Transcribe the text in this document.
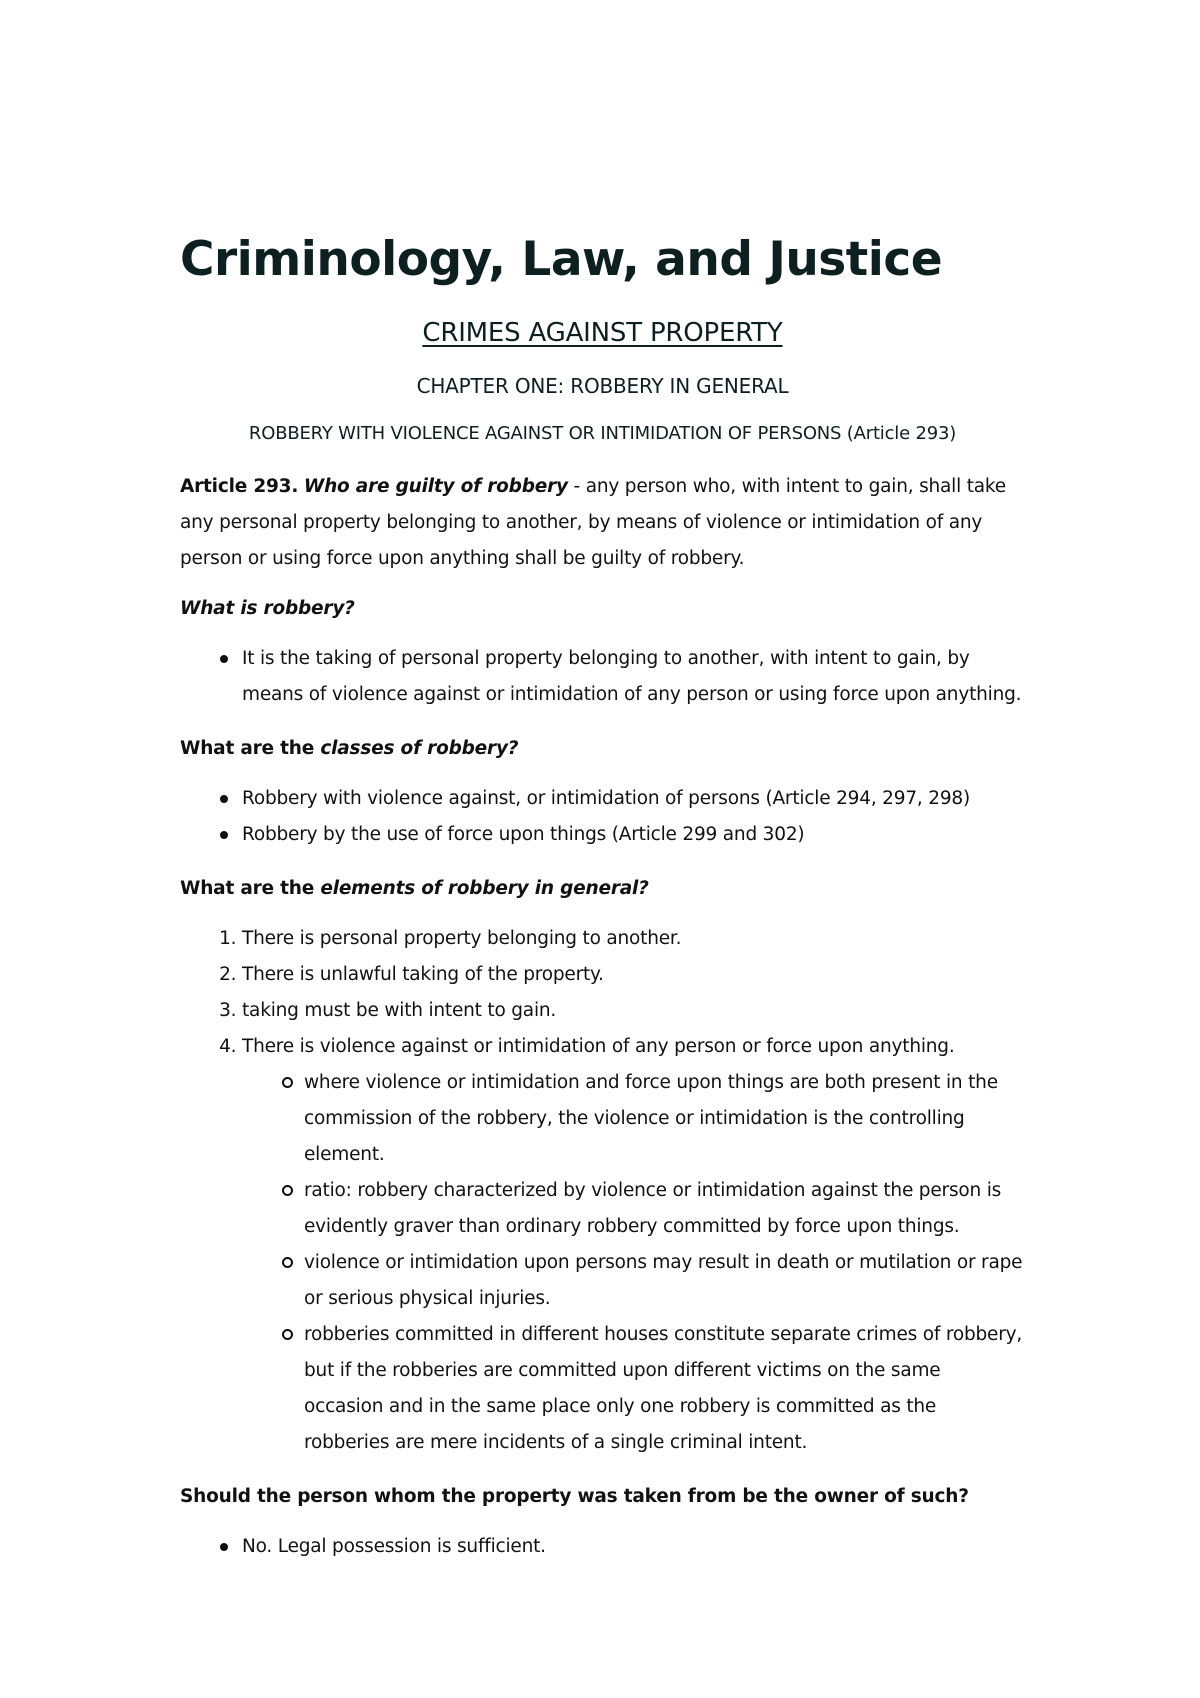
Criminology, Law, and Justice
CRIMES AGAINST PROPERTY
CHAPTER ONE: ROBBERY IN GENERAL
ROBBERY WITH VIOLENCE AGAINST OR INTIMIDATION OF PERSONS (Article 293)

Article 293. Who are guilty of robbery - any person who, with intent to gain, shall take any personal property belonging to another, by means of violence or intimidation of any person or using force upon anything shall be guilty of robbery.

What is robbery?
It is the taking of personal property belonging to another, with intent to gain, by means of violence against or intimidation of any person or using force upon anything.
What are the classes of robbery?
Robbery with violence against, or intimidation of persons (Article 294, 297, 298)
Robbery by the use of force upon things (Article 299 and 302)
What are the elements of robbery in general?
1. There is personal property belonging to another.
2. There is unlawful taking of the property.
3. taking must be with intent to gain.
4. There is violence against or intimidation of any person or force upon anything.
where violence or intimidation and force upon things are both present in the commission of the robbery, the violence or intimidation is the controlling element.
ratio: robbery characterized by violence or intimidation against the person is evidently graver than ordinary robbery committed by force upon things.
violence or intimidation upon persons may result in death or mutilation or rape or serious physical injuries.
robberies committed in different houses constitute separate crimes of robbery, but if the robberies are committed upon different victims on the same occasion and in the same place only one robbery is committed as the robberies are mere incidents of a single criminal intent.
Should the person whom the property was taken from be the owner of such?
No. Legal possession is sufficient.
